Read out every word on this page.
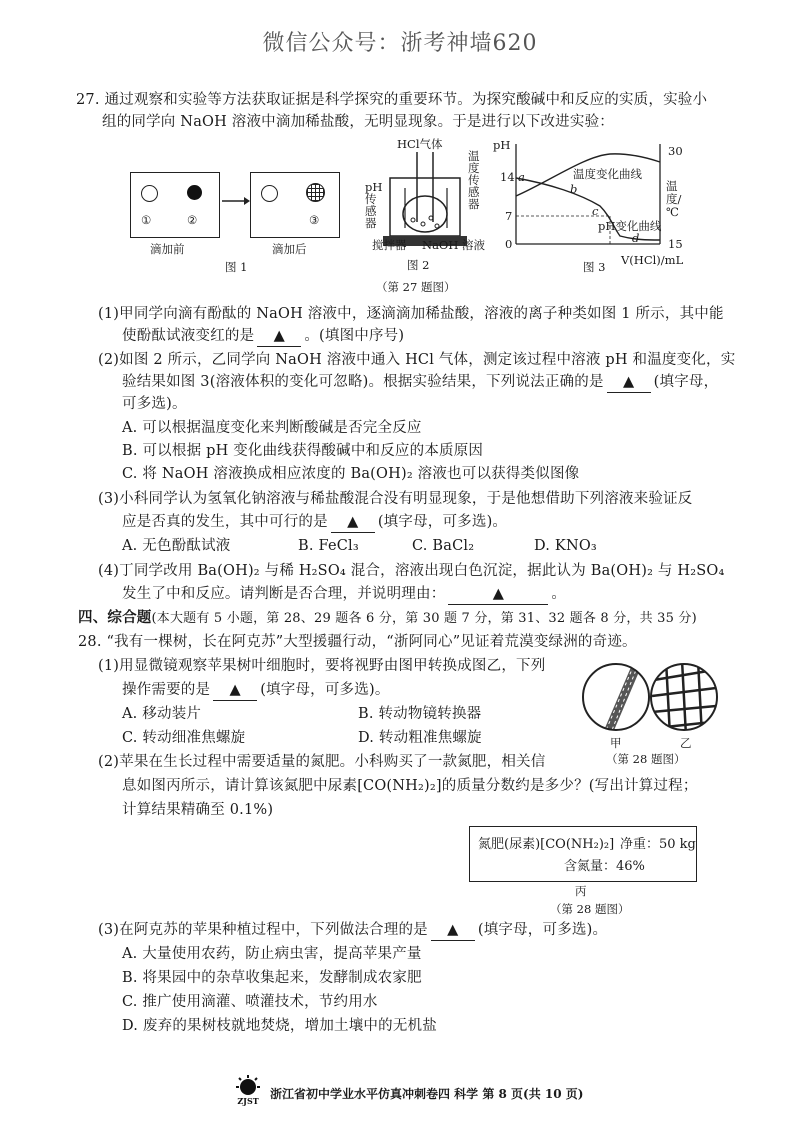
微信公众号：浙考神墙620
27. 通过观察和实验等方法获取证据是科学探究的重要环节。为探究酸碱中和反应的实质，实验小
组的同学向 NaOH 溶液中滴加稀盐酸，无明显现象。于是进行以下改进实验：
①	②	③
滴加前	滴加后
图 1
HCl气体
pH传感器
温度传感器
搅拌器 NaOH 溶液
图 2
pH
14
7
0
30
15
温度/℃
温度变化曲线
pH变化曲线
a
b
c
d
V(HCl)/mL
图 3
（第 27 题图）
(1)甲同学向滴有酚酞的 NaOH 溶液中，逐滴滴加稀盐酸，溶液的离子种类如图 1 所示，其中能
使酚酞试液变红的是 ▲ 。(填图中序号)
(2)如图 2 所示，乙同学向 NaOH 溶液中通入 HCl 气体，测定该过程中溶液 pH 和温度变化，实
验结果如图 3(溶液体积的变化可忽略)。根据实验结果，下列说法正确的是 ▲ (填字母，
可多选)。
A. 可以根据温度变化来判断酸碱是否完全反应
B. 可以根据 pH 变化曲线获得酸碱中和反应的本质原因
C. 将 NaOH 溶液换成相应浓度的 Ba(OH)₂ 溶液也可以获得类似图像
(3)小科同学认为氢氧化钠溶液与稀盐酸混合没有明显现象，于是他想借助下列溶液来验证反
应是否真的发生，其中可行的是 ▲ (填字母，可多选)。
A. 无色酚酞试液	B. FeCl₃	C. BaCl₂	D. KNO₃
(4)丁同学改用 Ba(OH)₂ 与稀 H₂SO₄ 混合，溶液出现白色沉淀，据此认为 Ba(OH)₂ 与 H₂SO₄
发生了中和反应。请判断是否合理，并说明理由：	▲	。
四、综合题(本大题有 5 小题，第 28、29 题各 6 分，第 30 题 7 分，第 31、32 题各 8 分，共 35 分)
28. “我有一棵树，长在阿克苏”大型援疆行动，“浙阿同心”见证着荒漠变绿洲的奇迹。
(1)用显微镜观察苹果树叶细胞时，要将视野由图甲转换成图乙，下列
操作需要的是 ▲ (填字母，可多选)。
A. 移动装片	B. 转动物镜转换器
C. 转动细准焦螺旋	D. 转动粗准焦螺旋	甲	乙
（第 28 题图）
(2)苹果在生长过程中需要适量的氮肥。小科购买了一款氮肥，相关信
息如图丙所示，请计算该氮肥中尿素[CO(NH₂)₂]的质量分数约是多少？(写出计算过程；
计算结果精确至 0.1%)
氮肥(尿素)[CO(NH₂)₂] 净重：50 kg
含氮量：46%
丙
（第 28 题图）
(3)在阿克苏的苹果种植过程中，下列做法合理的是 ▲ (填字母，可多选)。
A. 大量使用农药，防止病虫害，提高苹果产量
B. 将果园中的杂草收集起来，发酵制成农家肥
C. 推广使用滴灌、喷灌技术，节约用水
D. 废弃的果树枝就地焚烧，增加土壤中的无机盐
ZJST 浙江省初中学业水平仿真冲刺卷四 科学 第 8 页(共 10 页)
